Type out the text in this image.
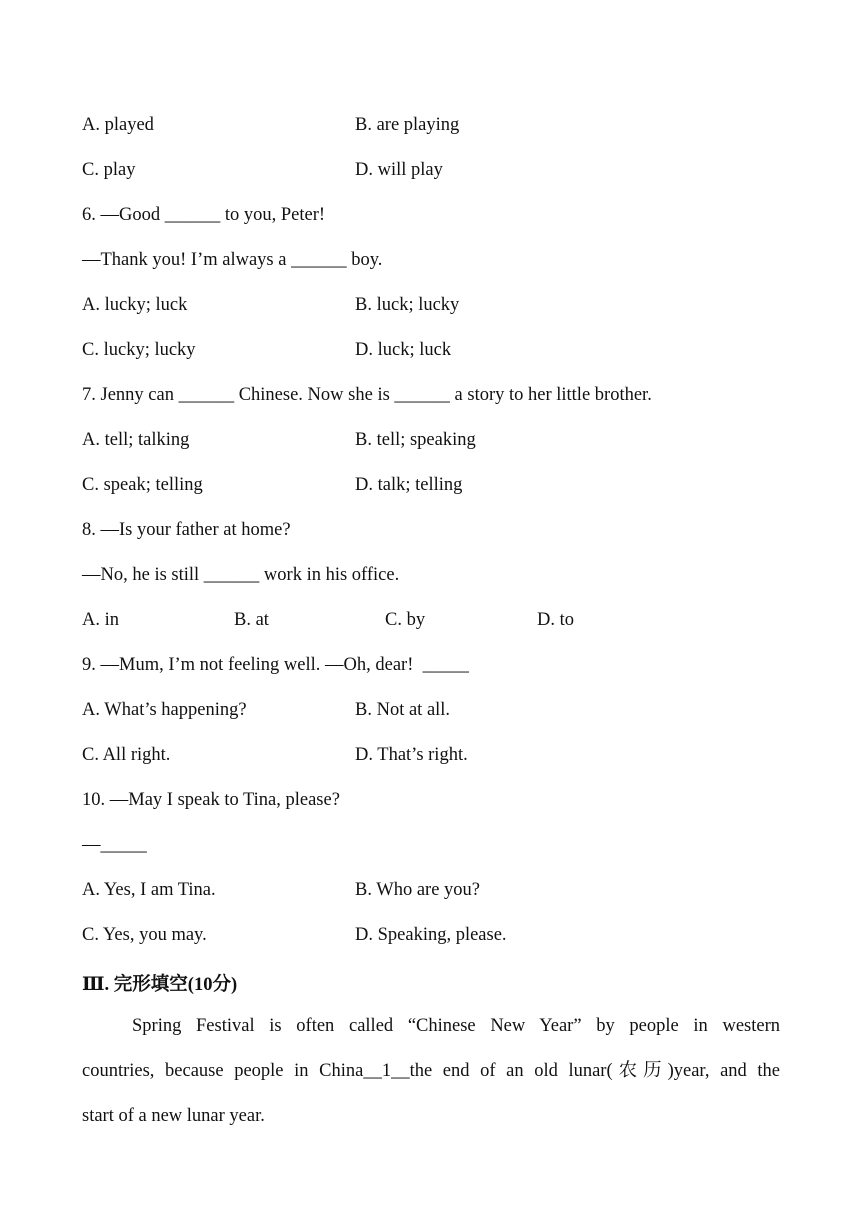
A. played	B. are playing
C. play	D. will play
6. —Good ______ to you, Peter!
—Thank you! I’m always a ______ boy.
A. lucky; luck	B. luck; lucky
C. lucky; lucky	D. luck; luck
7. Jenny can ______ Chinese. Now she is ______ a story to her little brother.
A. tell; talking	B. tell; speaking
C. speak; telling	D. talk; telling
8. —Is your father at home?
—No, he is still ______ work in his office.
A. in	B. at	C. by	D. to
9. —Mum, I’m not feeling well. —Oh, dear! _____
A. What’s happening?	B. Not at all.
C. All right.	D. That’s right.
10. —May I speak to Tina, please?
—_____
A. Yes, I am Tina.	B. Who are you?
C. Yes, you may.	D. Speaking, please.
Ⅲ. 完形填空(10分)
Spring Festival is often called “Chinese New Year” by people in western
countries, because people in China__1__the end of an old lunar(农历)year, and the
start of a new lunar year.
